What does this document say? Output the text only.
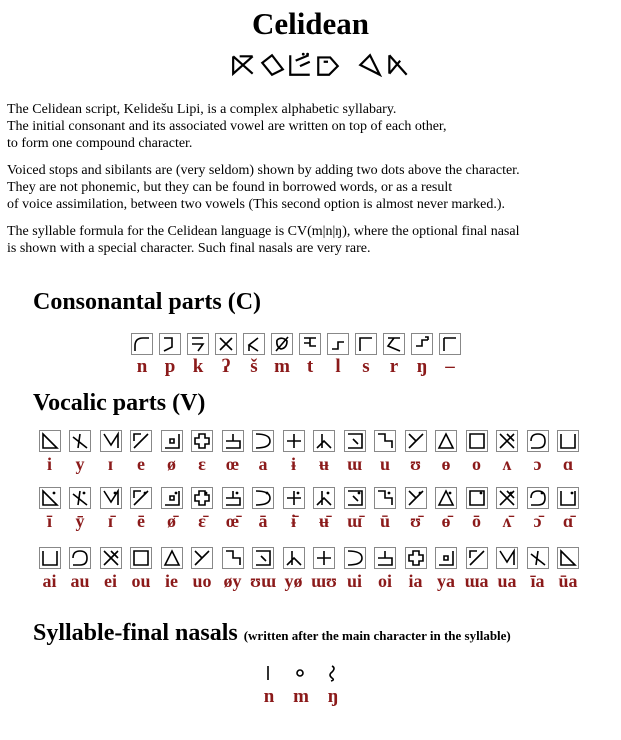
Celidean
The Celidean script, Kelidešu Lipi, is a complex alphabetic syllabary.
The initial consonant and its associated vowel are written on top of each other,
to form one compound character.
Voiced stops and sibilants are (very seldom) shown by adding two dots above the character.
They are not phonemic, but they can be found in borrowed words, or as a result
of voice assimilation, between two vowels (This second option is almost never marked.).
The syllable formula for the Celidean language is CV(m|n|ŋ), where the optional final nasal
is shown with a special character. Such final nasals are very rare.
Consonantal parts (C)
n p k ʔ š m t l s r ŋ –
Vocalic parts (V)
i y ɪ e ø ɛ œ a ɨ ʉ ɯ u ʊ ɵ o ʌ ɔ ɑ
ī ȳ ɪ̄ ē ø̄ ɛ̄ œ̄ ā ɨ̄ ʉ̄ ɯ̄ ū ʊ̄ ɵ̄ ō ʌ̄ ɔ̄ ɑ̄
ai au ei ou ie uo øy ʊɯ yø ɯʊ ui oi ia ya ɯa ua īa ūa
Syllable-final nasals (written after the main character in the syllable)
n m ŋ
